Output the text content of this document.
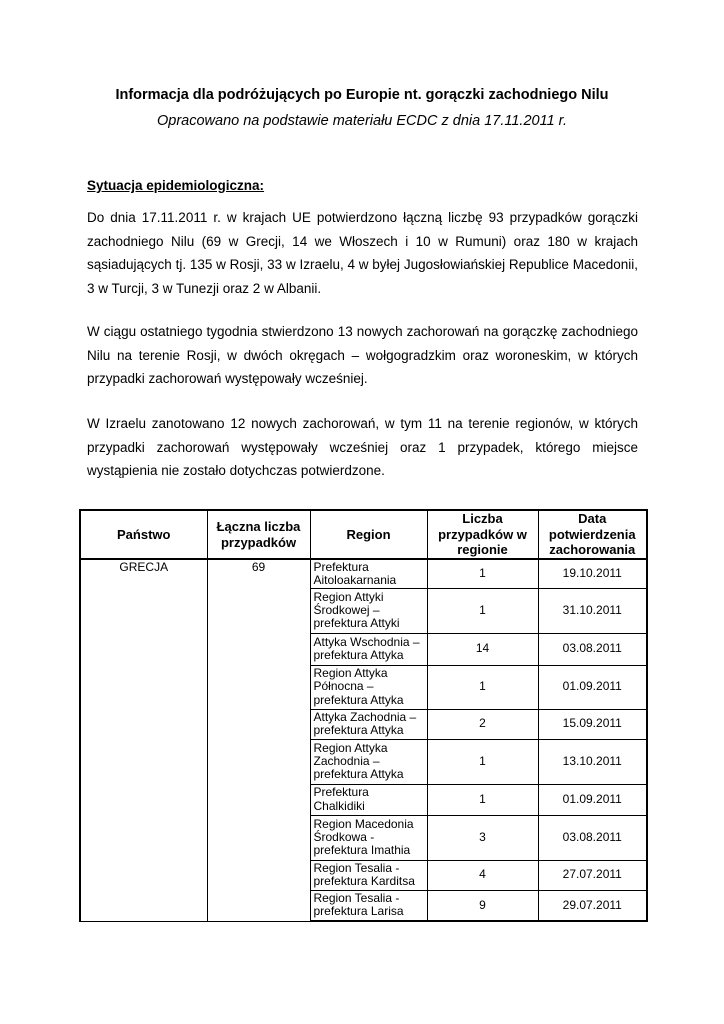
Informacja dla podróżujących po Europie nt. gorączki zachodniego Nilu
Opracowano na podstawie materiału ECDC z dnia 17.11.2011 r.
Sytuacja epidemiologiczna:
Do dnia 17.11.2011 r. w krajach UE potwierdzono łączną liczbę 93 przypadków gorączki zachodniego Nilu (69 w Grecji, 14 we Włoszech i 10 w Rumuni) oraz 180 w krajach sąsiadujących tj. 135 w Rosji, 33 w Izraelu, 4 w byłej Jugosłowiańskiej Republice Macedonii, 3 w Turcji, 3 w Tunezji oraz 2 w Albanii.
W ciągu ostatniego tygodnia stwierdzono 13 nowych zachorowań na gorączkę zachodniego Nilu na terenie Rosji, w dwóch okręgach – wołgogradzkim oraz woroneskim, w których przypadki zachorowań występowały wcześniej.
W Izraelu zanotowano 12 nowych zachorowań, w tym 11 na terenie regionów, w których przypadki zachorowań występowały wcześniej oraz 1 przypadek, którego miejsce wystąpienia nie zostało dotychczas potwierdzone.
Państwo	Łączna liczba przypadków	Region	Liczba przypadków w regionie	Data potwierdzenia zachorowania
GRECJA	69	Prefektura Aitoloakarnania	1	19.10.2011
		Region Attyki Środkowej – prefektura Attyki	1	31.10.2011
		Attyka Wschodnia – prefektura Attyka	14	03.08.2011
		Region Attyka Północna – prefektura Attyka	1	01.09.2011
		Attyka Zachodnia – prefektura Attyka	2	15.09.2011
		Region Attyka Zachodnia – prefektura Attyka	1	13.10.2011
		Prefektura Chalkidiki	1	01.09.2011
		Region Macedonia Środkowa - prefektura Imathia	3	03.08.2011
		Region Tesalia - prefektura Karditsa	4	27.07.2011
		Region Tesalia - prefektura Larisa	9	29.07.2011
